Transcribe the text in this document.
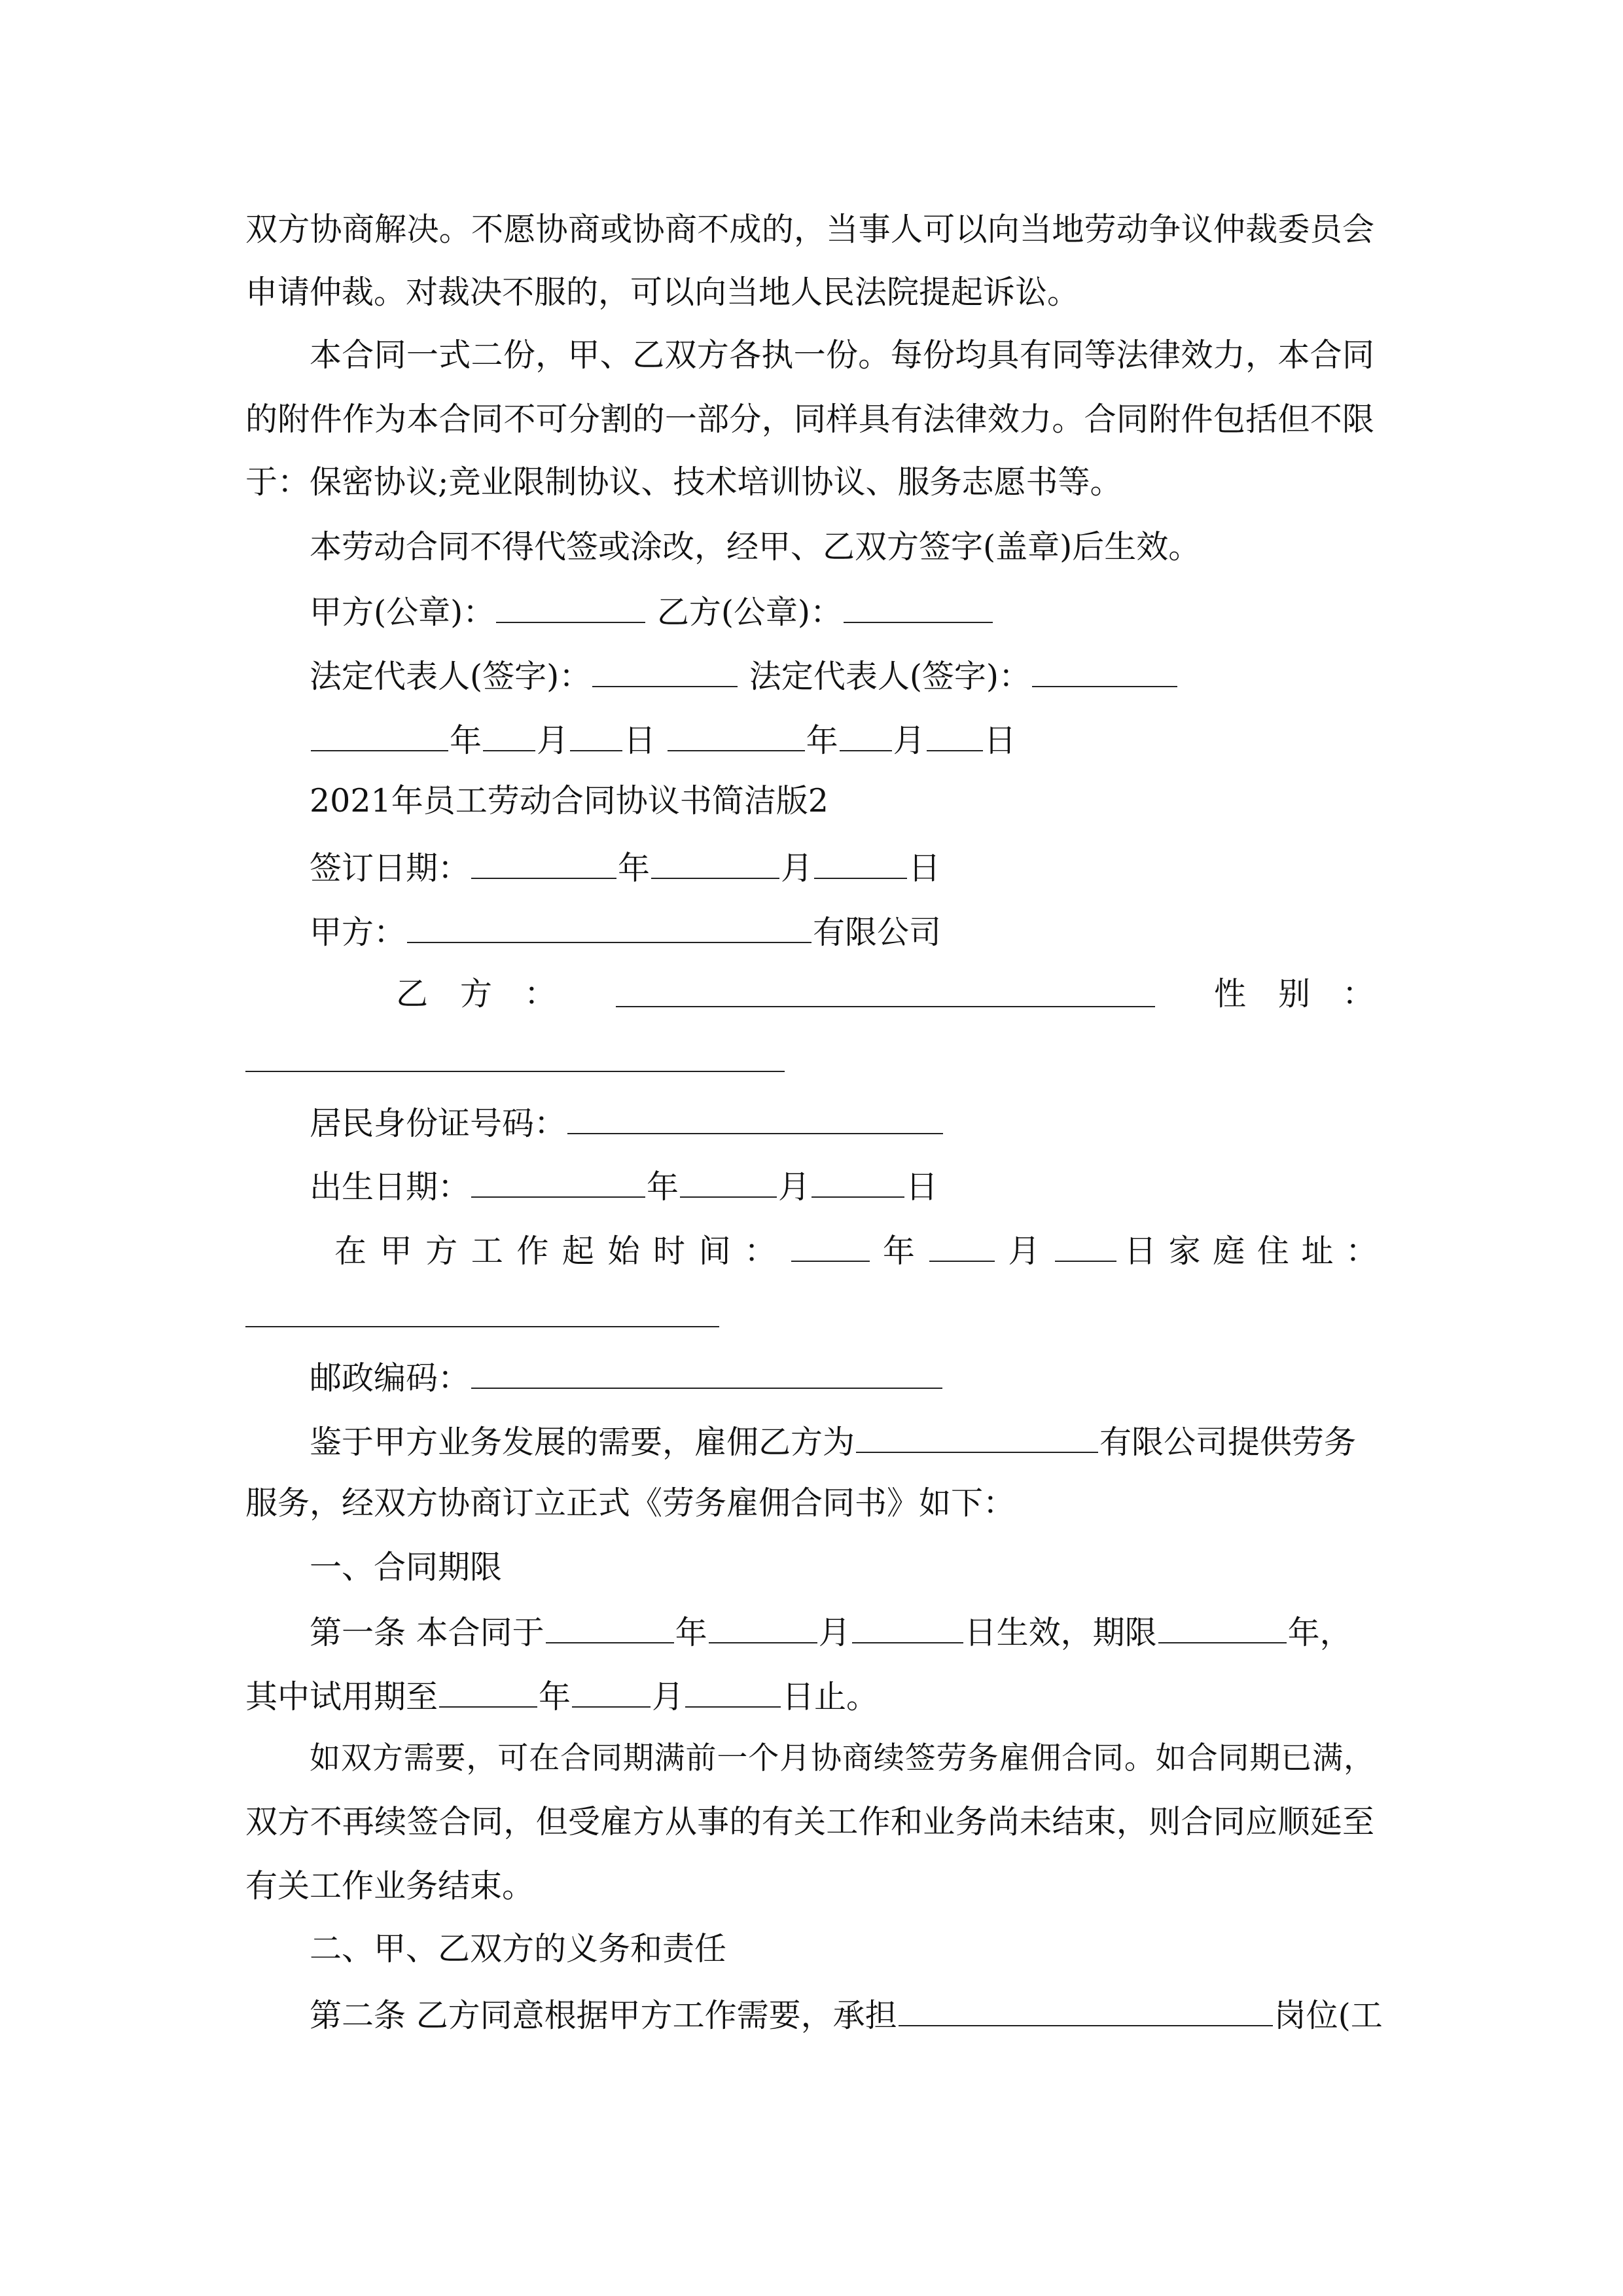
双方协商解决。不愿协商或协商不成的，当事人可以向当地劳动争议仲裁委员会
申请仲裁。对裁决不服的，可以向当地人民法院提起诉讼。
本合同一式二份，甲、乙双方各执一份。每份均具有同等法律效力，本合同
的附件作为本合同不可分割的一部分，同样具有法律效力。合同附件包括但不限
于：保密协议;竞业限制协议、技术培训协议、服务志愿书等。
本劳动合同不得代签或涂改，经甲、乙双方签字(盖章)后生效。
甲方(公章)：	乙方(公章)：
法定代表人(签字)：	法定代表人(签字)：
年 月 日	年 月 日
2021年员工劳动合同协议书简洁版2
签订日期：	年	月	日
甲方：	有限公司
乙　方　：	性　别　：
居民身份证号码：
出生日期：	年	月	日
在甲方工作起始时间：	年 月 日家庭住址：
邮政编码：
鉴于甲方业务发展的需要，雇佣乙方为	有限公司提供劳务
服务，经双方协商订立正式《劳务雇佣合同书》如下：
一、合同期限
第一条 本合同于	年	月	日生效，期限	年，
其中试用期至	年	月	日止。
如双方需要，可在合同期满前一个月协商续签劳务雇佣合同。如合同期已满，
双方不再续签合同，但受雇方从事的有关工作和业务尚未结束，则合同应顺延至
有关工作业务结束。
二、甲、乙双方的义务和责任
第二条 乙方同意根据甲方工作需要，承担	岗位(工
